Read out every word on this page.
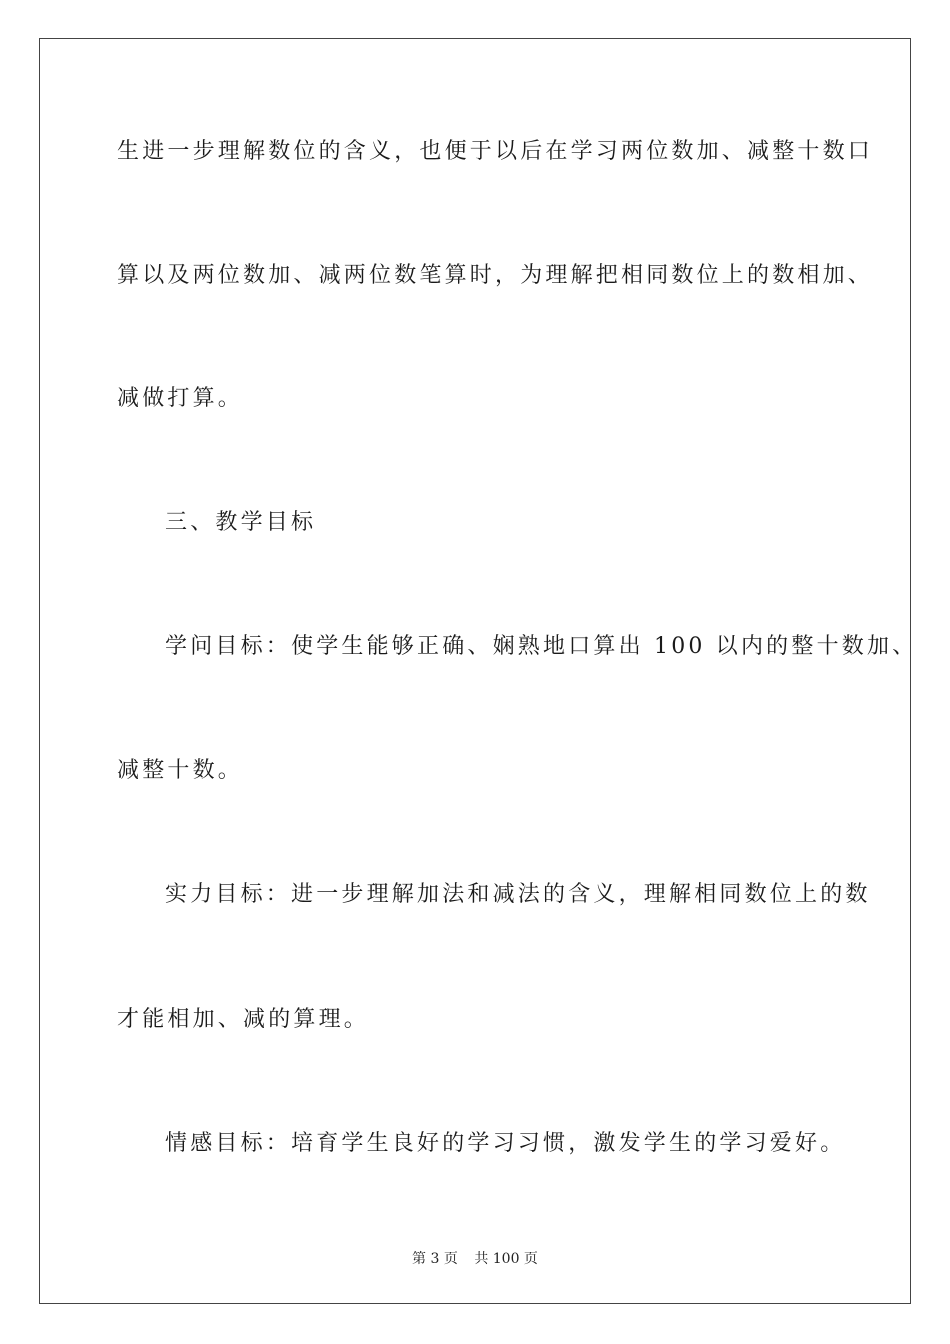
生进一步理解数位的含义，也便于以后在学习两位数加、减整十数口
算以及两位数加、减两位数笔算时，为理解把相同数位上的数相加、
减做打算。
三、教学目标
学问目标：使学生能够正确、娴熟地口算出 100 以内的整十数加、
减整十数。
实力目标：进一步理解加法和减法的含义，理解相同数位上的数
才能相加、减的算理。
情感目标：培育学生良好的学习习惯，激发学生的学习爱好。
第 3 页 共 100 页
